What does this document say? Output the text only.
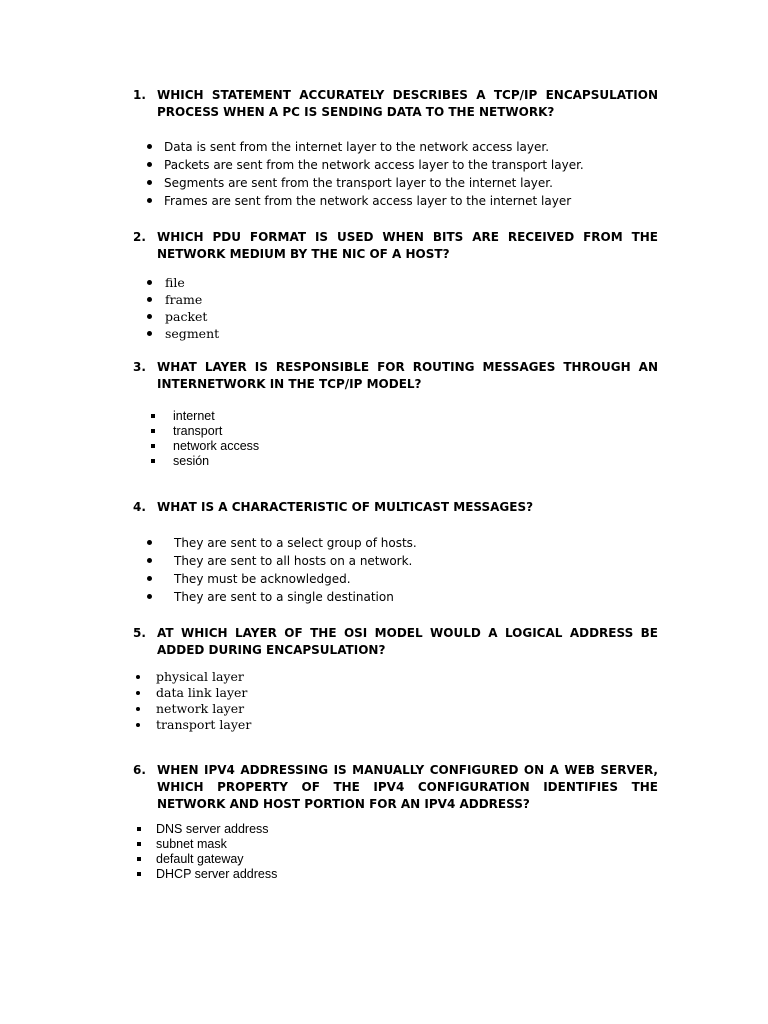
1. WHICH STATEMENT ACCURATELY DESCRIBES A TCP/IP ENCAPSULATION PROCESS WHEN A PC IS SENDING DATA TO THE NETWORK?
Data is sent from the internet layer to the network access layer.
Packets are sent from the network access layer to the transport layer.
Segments are sent from the transport layer to the internet layer.
Frames are sent from the network access layer to the internet layer
2. WHICH PDU FORMAT IS USED WHEN BITS ARE RECEIVED FROM THE NETWORK MEDIUM BY THE NIC OF A HOST?
file
frame
packet
segment
3. WHAT LAYER IS RESPONSIBLE FOR ROUTING MESSAGES THROUGH AN INTERNETWORK IN THE TCP/IP MODEL?
internet
transport
network access
sesión
4. WHAT IS A CHARACTERISTIC OF MULTICAST MESSAGES?
They are sent to a select group of hosts.
They are sent to all hosts on a network.
They must be acknowledged.
They are sent to a single destination
5. AT WHICH LAYER OF THE OSI MODEL WOULD A LOGICAL ADDRESS BE ADDED DURING ENCAPSULATION?
physical layer
data link layer
network layer
transport layer
6. WHEN IPV4 ADDRESSING IS MANUALLY CONFIGURED ON A WEB SERVER, WHICH PROPERTY OF THE IPV4 CONFIGURATION IDENTIFIES THE NETWORK AND HOST PORTION FOR AN IPV4 ADDRESS?
DNS server address
subnet mask
default gateway
DHCP server address
